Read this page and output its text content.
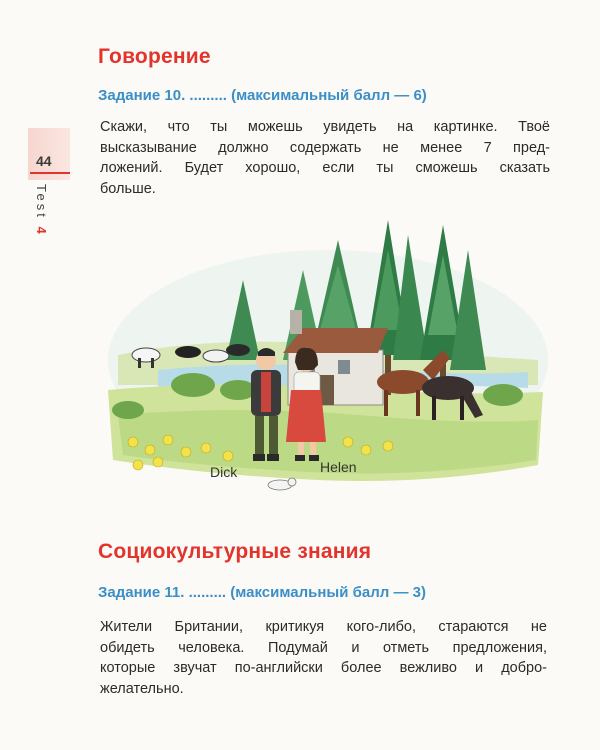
44
Test 4
Говорение

Задание 10. ......... (максимальный балл — 6)

Скажи, что ты можешь увидеть на картинке. Твоё
высказывание должно содержать не менее 7 пред-
ложений. Будет хорошо, если ты сможешь сказать
больше.
Dick	Helen
Социокультурные знания

Задание 11. ......... (максимальный балл — 3)

Жители Британии, критикуя кого-либо, стараются не
обидеть человека. Подумай и отметь предложения,
которые звучат по-английски более вежливо и добро-
желательно.
